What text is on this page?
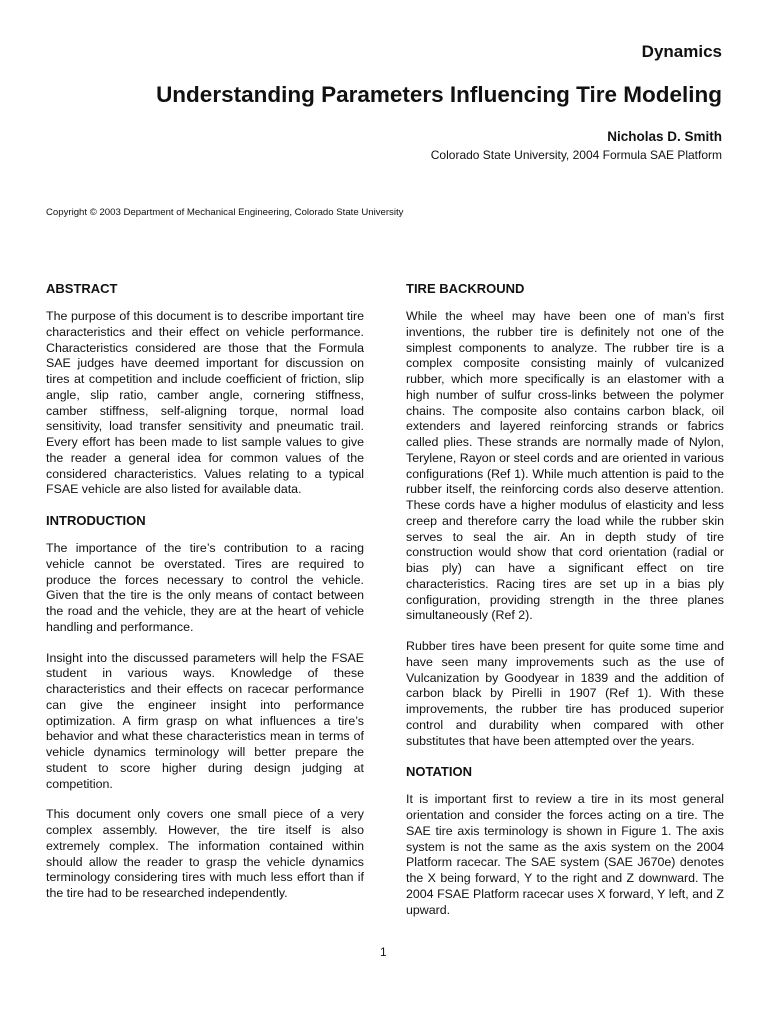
Dynamics
Understanding Parameters Influencing Tire Modeling
Nicholas D. Smith
Colorado State University, 2004 Formula SAE Platform
Copyright © 2003 Department of Mechanical Engineering, Colorado State University
ABSTRACT

The purpose of this document is to describe important tire characteristics and their effect on vehicle performance. Characteristics considered are those that the Formula SAE judges have deemed important for discussion on tires at competition and include coefficient of friction, slip angle, slip ratio, camber angle, cornering stiffness, camber stiffness, self-aligning torque, normal load sensitivity, load transfer sensitivity and pneumatic trail. Every effort has been made to list sample values to give the reader a general idea for common values of the considered characteristics. Values relating to a typical FSAE vehicle are also listed for available data.

INTRODUCTION

The importance of the tire’s contribution to a racing vehicle cannot be overstated. Tires are required to produce the forces necessary to control the vehicle. Given that the tire is the only means of contact between the road and the vehicle, they are at the heart of vehicle handling and performance.

Insight into the discussed parameters will help the FSAE student in various ways. Knowledge of these characteristics and their effects on racecar performance can give the engineer insight into performance optimization. A firm grasp on what influences a tire’s behavior and what these characteristics mean in terms of vehicle dynamics terminology will better prepare the student to score higher during design judging at competition.

This document only covers one small piece of a very complex assembly. However, the tire itself is also extremely complex. The information contained within should allow the reader to grasp the vehicle dynamics terminology considering tires with much less effort than if the tire had to be researched independently.

TIRE BACKROUND

While the wheel may have been one of man’s first inventions, the rubber tire is definitely not one of the simplest components to analyze. The rubber tire is a complex composite consisting mainly of vulcanized rubber, which more specifically is an elastomer with a high number of sulfur cross-links between the polymer chains. The composite also contains carbon black, oil extenders and layered reinforcing strands or fabrics called plies. These strands are normally made of Nylon, Terylene, Rayon or steel cords and are oriented in various configurations (Ref 1). While much attention is paid to the rubber itself, the reinforcing cords also deserve attention. These cords have a higher modulus of elasticity and less creep and therefore carry the load while the rubber skin serves to seal the air. An in depth study of tire construction would show that cord orientation (radial or bias ply) can have a significant effect on tire characteristics. Racing tires are set up in a bias ply configuration, providing strength in the three planes simultaneously (Ref 2).

Rubber tires have been present for quite some time and have seen many improvements such as the use of Vulcanization by Goodyear in 1839 and the addition of carbon black by Pirelli in 1907 (Ref 1). With these improvements, the rubber tire has produced superior control and durability when compared with other substitutes that have been attempted over the years.

NOTATION

It is important first to review a tire in its most general orientation and consider the forces acting on a tire. The SAE tire axis terminology is shown in Figure 1. The axis system is not the same as the axis system on the 2004 Platform racecar. The SAE system (SAE J670e) denotes the X being forward, Y to the right and Z downward. The 2004 FSAE Platform racecar uses X forward, Y left, and Z upward.

1
